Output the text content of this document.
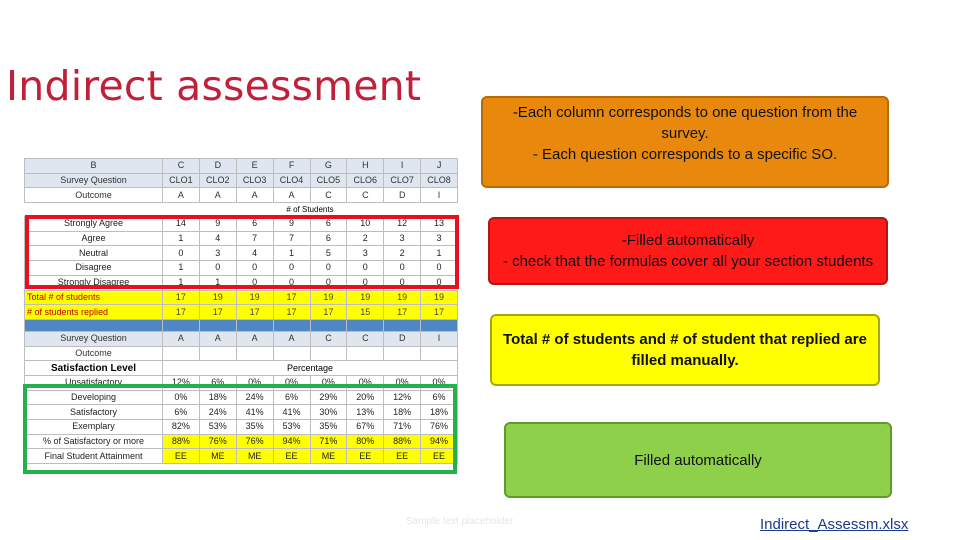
Indirect assessment
B	C	D	E	F	G	H	I	J
Survey Question	CLO1	CLO2	CLO3	CLO4	CLO5	CLO6	CLO7	CLO8
Outcome	A	A	A	A	C	C	D	I
	# of Students							
Strongly Agree	14	9	6	9	6	10	12	13
Agree	1	4	7	7	6	2	3	3
Neutral	0	3	4	1	5	3	2	1
Disagree	1	0	0	0	0	0	0	0
Strongly Disagree	1	1	0	0	0	0	0	0
Total # of students	17	19	19	17	19	19	19	19
# of students replied	17	17	17	17	17	15	17	17

Survey Question	A	A	A	A	C	C	D	I
Outcome								
Satisfaction Level	Percentage							
Unsatisfactory	12%	6%	0%	0%	0%	0%	0%	0%
Developing	0%	18%	24%	6%	29%	20%	12%	6%
Satisfactory	6%	24%	41%	41%	30%	13%	18%	18%
Exemplary	82%	53%	35%	53%	35%	67%	71%	76%
% of Satisfactory or more	88%	76%	76%	94%	71%	80%	88%	94%
Final Student Attainment	EE	ME	ME	EE	ME	EE	EE	EE
-Each column corresponds to one question from the survey.
- Each question corresponds to a specific SO.
-Filled automatically
- check that the formulas cover all your section students
Total # of students and # of student that replied are filled manually.
Filled automatically
Sample text placeholder	Indirect_Assessm.xlsx
